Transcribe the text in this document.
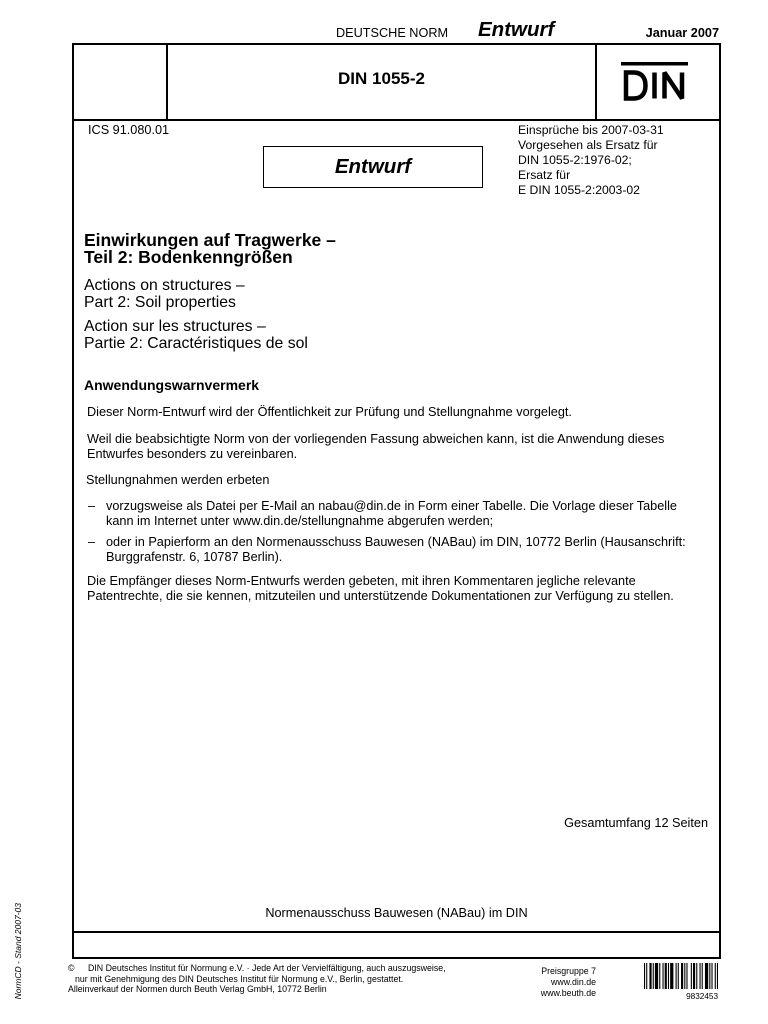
DEUTSCHE NORM Entwurf	Januar 2007
DIN 1055-2
ICS 91.080.01	Einsprüche bis 2007-03-31
Vorgesehen als Ersatz für
DIN 1055-2:1976-02;
Ersatz für
E DIN 1055-2:2003-02
Entwurf
Einwirkungen auf Tragwerke –
Teil 2: Bodenkenngrößen
Actions on structures –
Part 2: Soil properties
Action sur les structures –
Partie 2: Caractéristiques de sol
Anwendungswarnvermerk
Dieser Norm-Entwurf wird der Öffentlichkeit zur Prüfung und Stellungnahme vorgelegt.
Weil die beabsichtigte Norm von der vorliegenden Fassung abweichen kann, ist die Anwendung dieses
Entwurfes besonders zu vereinbaren.
Stellungnahmen werden erbeten
– vorzugsweise als Datei per E-Mail an nabau@din.de in Form einer Tabelle. Die Vorlage dieser Tabelle
kann im Internet unter www.din.de/stellungnahme abgerufen werden;
– oder in Papierform an den Normenausschuss Bauwesen (NABau) im DIN, 10772 Berlin (Hausanschrift:
Burggrafenstr. 6, 10787 Berlin).
Die Empfänger dieses Norm-Entwurfs werden gebeten, mit ihren Kommentaren jegliche relevante
Patentrechte, die sie kennen, mitzuteilen und unterstützende Dokumentationen zur Verfügung zu stellen.
Gesamtumfang 12 Seiten
Normenausschuss Bauwesen (NABau) im DIN
© DIN Deutsches Institut für Normung e.V. · Jede Art der Vervielfältigung, auch auszugsweise,
nur mit Genehmigung des DIN Deutsches Institut für Normung e.V., Berlin, gestattet.
Alleinverkauf der Normen durch Beuth Verlag GmbH, 10772 Berlin
Preisgruppe 7
www.din.de
www.beuth.de	9832453
NormCD - Stand 2007-03
